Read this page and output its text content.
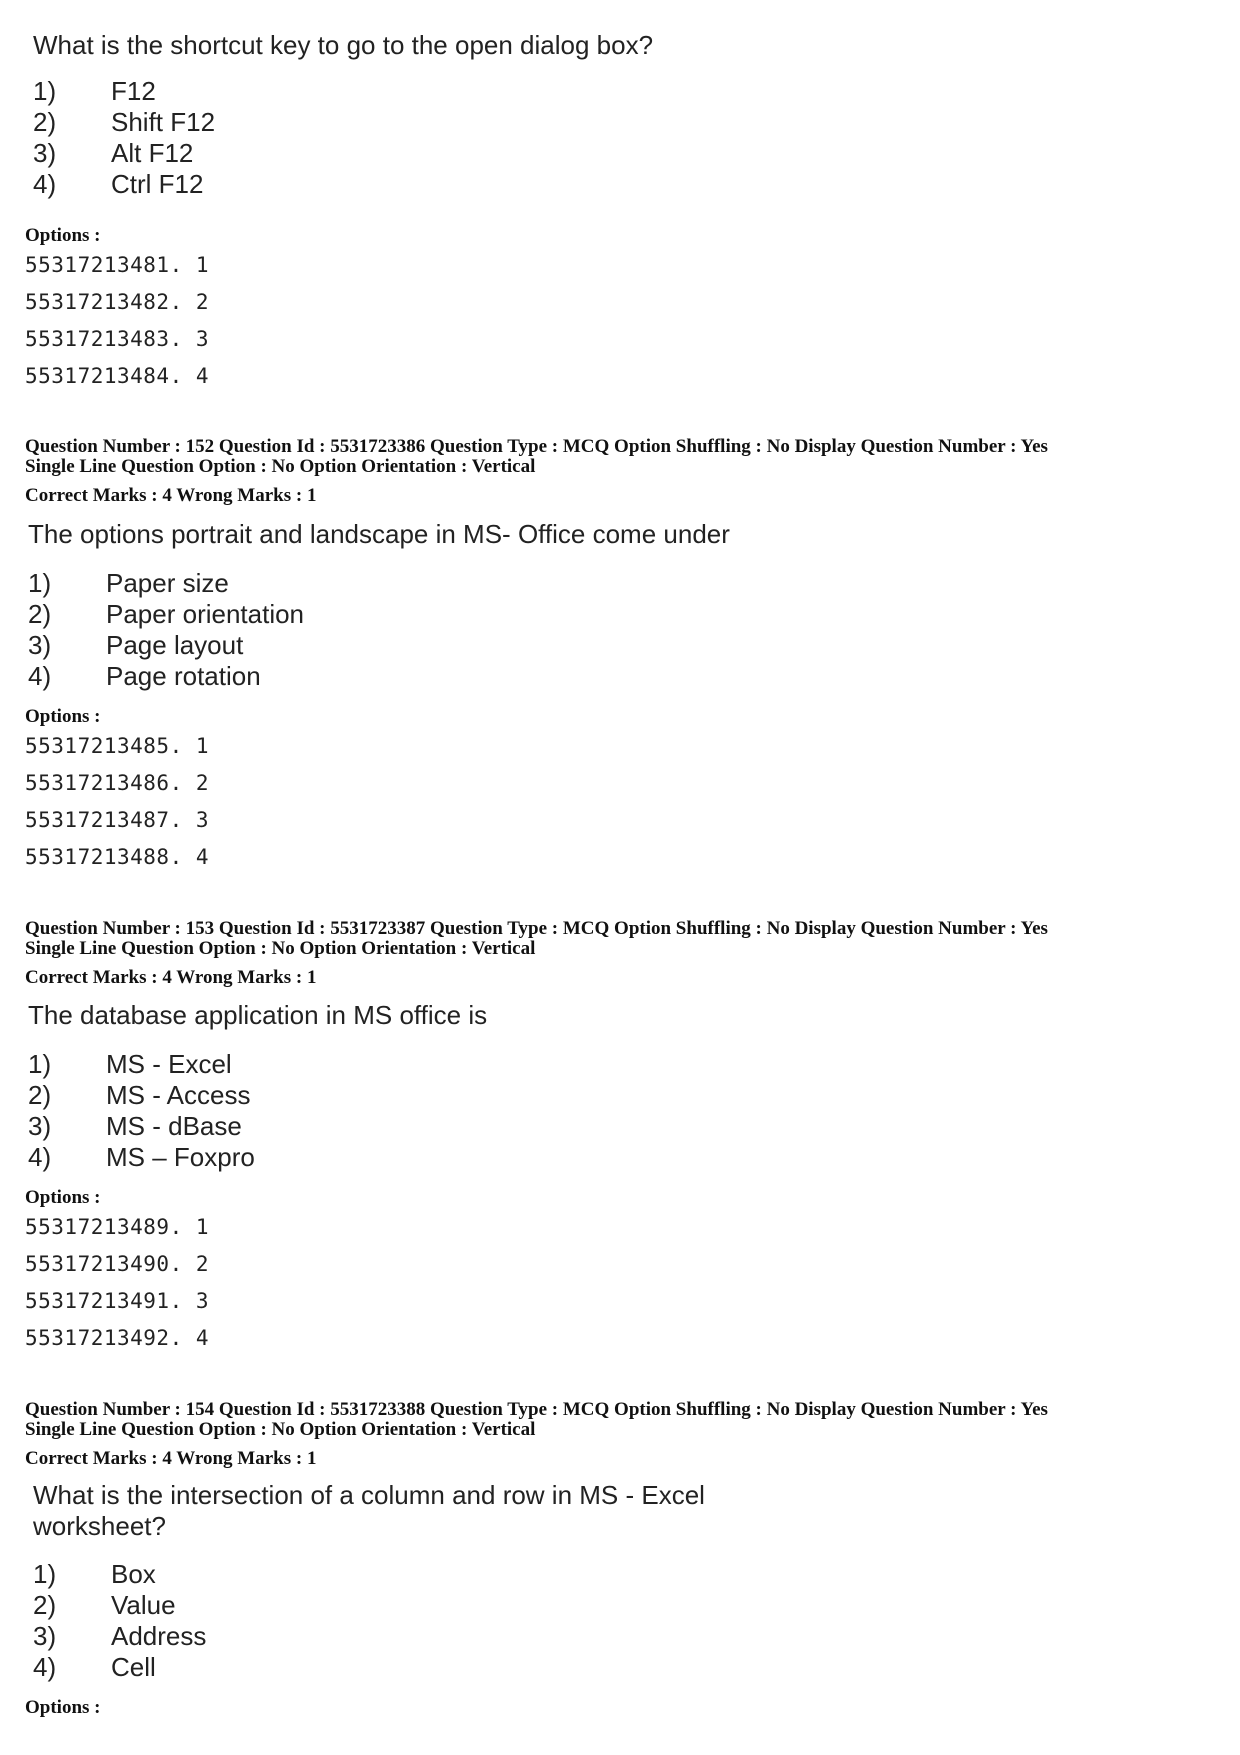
What is the shortcut key to go to the open dialog box?
1)	F12
2)	Shift F12
3)	Alt F12
4)	Ctrl F12
Options :
55317213481. 1
55317213482. 2
55317213483. 3
55317213484. 4
Question Number : 152 Question Id : 5531723386 Question Type : MCQ Option Shuffling : No Display Question Number : Yes
Single Line Question Option : No Option Orientation : Vertical
Correct Marks : 4 Wrong Marks : 1
The options portrait and landscape in MS- Office come under
1)	Paper size
2)	Paper orientation
3)	Page layout
4)	Page rotation
Options :
55317213485. 1
55317213486. 2
55317213487. 3
55317213488. 4
Question Number : 153 Question Id : 5531723387 Question Type : MCQ Option Shuffling : No Display Question Number : Yes
Single Line Question Option : No Option Orientation : Vertical
Correct Marks : 4 Wrong Marks : 1
The database application in MS office is
1)	MS - Excel
2)	MS - Access
3)	MS - dBase
4)	MS – Foxpro
Options :
55317213489. 1
55317213490. 2
55317213491. 3
55317213492. 4
Question Number : 154 Question Id : 5531723388 Question Type : MCQ Option Shuffling : No Display Question Number : Yes
Single Line Question Option : No Option Orientation : Vertical
Correct Marks : 4 Wrong Marks : 1
What is the intersection of a column and row in MS - Excel
worksheet?
1)	Box
2)	Value
3)	Address
4)	Cell
Options :
